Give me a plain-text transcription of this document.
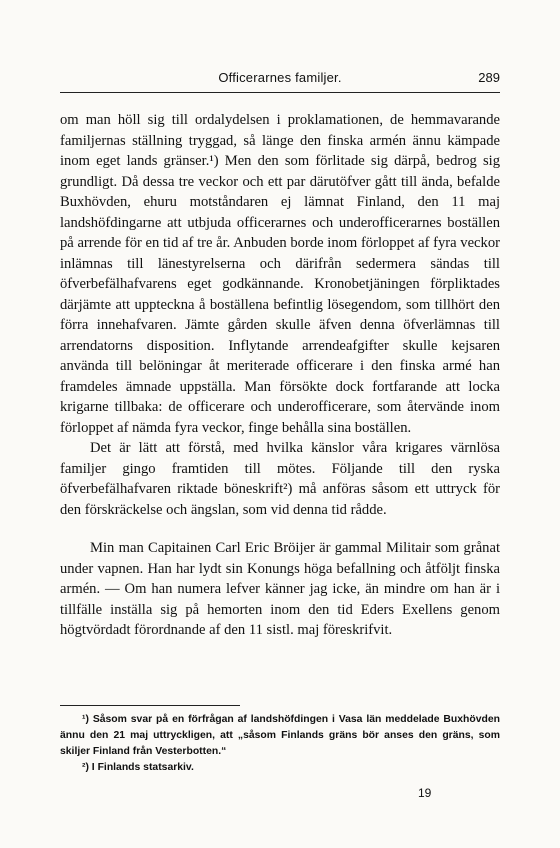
Officerarnes familjer.	289

om man höll sig till ordalydelsen i proklamationen, de hemmavarande familjernas ställning tryggad, så länge den finska armén ännu kämpade inom eget lands gränser.¹) Men den som förlitade sig därpå, bedrog sig grundligt. Då dessa tre veckor och ett par därutöfver gått till ända, befalde Buxhövden, ehuru motståndaren ej lämnat Finland, den 11 maj landshöfdingarne att utbjuda officerarnes och underofficerarnes boställen på arrende för en tid af tre år. Anbuden borde inom förloppet af fyra veckor inlämnas till länestyrelserna och därifrån sedermera sändas till öfverbefälhafvarens eget godkännande. Kronobetjäningen förpliktades därjämte att uppteckna å boställena befintlig lösegendom, som tillhört den förra innehafvaren. Jämte gården skulle äfven denna öfverlämnas till arrendatorns disposition. Inflytande arrendeafgifter skulle kejsaren använda till belöningar åt meriterade officerare i den finska armé han framdeles ämnade uppställa. Man försökte dock fortfarande att locka krigarne tillbaka: de officerare och underofficerare, som återvände inom förloppet af nämda fyra veckor, finge behålla sina boställen.

Det är lätt att förstå, med hvilka känslor våra krigares värnlösa familjer gingo framtiden till mötes. Följande till den ryska öfverbefälhafvaren riktade böneskrift²) må anföras såsom ett uttryck för den förskräckelse och ängslan, som vid denna tid rådde.

Min man Capitainen Carl Eric Bröijer är gammal Militair som grånat under vapnen. Han har lydt sin Konungs höga befallning och åtföljt finska armén. — Om han numera lefver känner jag icke, än mindre om han är i tillfälle inställa sig på hemorten inom den tid Eders Exellens genom högtvördadt förordnande af den 11 sistl. maj föreskrifvit.

¹) Såsom svar på en förfrågan af landshöfdingen i Vasa län meddelade Buxhövden ännu den 21 maj uttryckligen, att „såsom Finlands gräns bör anses den gräns, som skiljer Finland från Vesterbotten.“

²) I Finlands statsarkiv.

19
